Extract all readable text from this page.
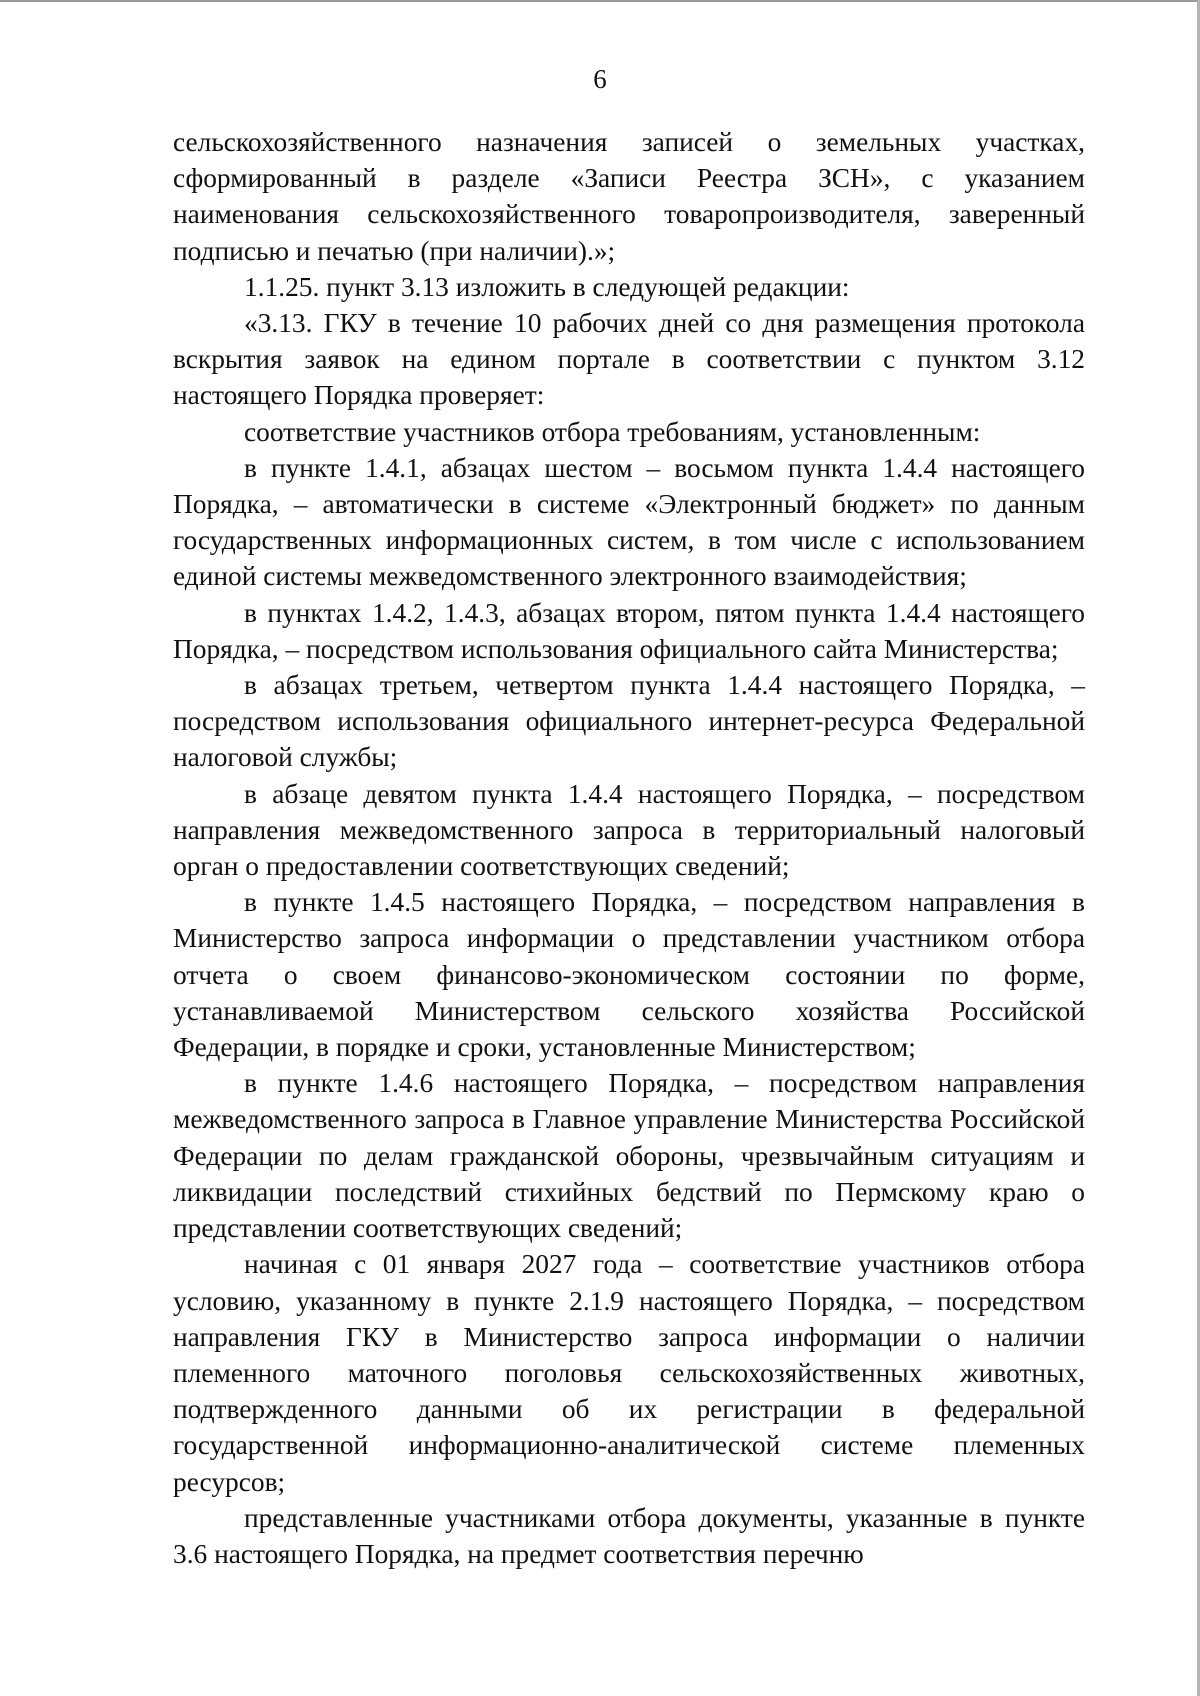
6

сельскохозяйственного назначения записей о земельных участках, сформированный в разделе «Записи Реестра ЗСН», с указанием наименования сельскохозяйственного товаропроизводителя, заверенный подписью и печатью (при наличии).»;

1.1.25. пункт 3.13 изложить в следующей редакции:

«3.13. ГКУ в течение 10 рабочих дней со дня размещения протокола вскрытия заявок на едином портале в соответствии с пунктом 3.12 настоящего Порядка проверяет:

соответствие участников отбора требованиям, установленным:

в пункте 1.4.1, абзацах шестом – восьмом пункта 1.4.4 настоящего Порядка, – автоматически в системе «Электронный бюджет» по данным государственных информационных систем, в том числе с использованием единой системы межведомственного электронного взаимодействия;

в пунктах 1.4.2, 1.4.3, абзацах втором, пятом пункта 1.4.4 настоящего Порядка, – посредством использования официального сайта Министерства;

в абзацах третьем, четвертом пункта 1.4.4 настоящего Порядка, – посредством использования официального интернет-ресурса Федеральной налоговой службы;

в абзаце девятом пункта 1.4.4 настоящего Порядка, – посредством направления межведомственного запроса в территориальный налоговый орган о предоставлении соответствующих сведений;

в пункте 1.4.5 настоящего Порядка, – посредством направления в Министерство запроса информации о представлении участником отбора отчета о своем финансово-экономическом состоянии по форме, устанавливаемой Министерством сельского хозяйства Российской Федерации, в порядке и сроки, установленные Министерством;

в пункте 1.4.6 настоящего Порядка, – посредством направления межведомственного запроса в Главное управление Министерства Российской Федерации по делам гражданской обороны, чрезвычайным ситуациям и ликвидации последствий стихийных бедствий по Пермскому краю о представлении соответствующих сведений;

начиная с 01 января 2027 года – соответствие участников отбора условию, указанному в пункте 2.1.9 настоящего Порядка, – посредством направления ГКУ в Министерство запроса информации о наличии племенного маточного поголовья сельскохозяйственных животных, подтвержденного данными об их регистрации в федеральной государственной информационно-аналитической системе племенных ресурсов;

представленные участниками отбора документы, указанные в пункте 3.6 настоящего Порядка, на предмет соответствия перечню
